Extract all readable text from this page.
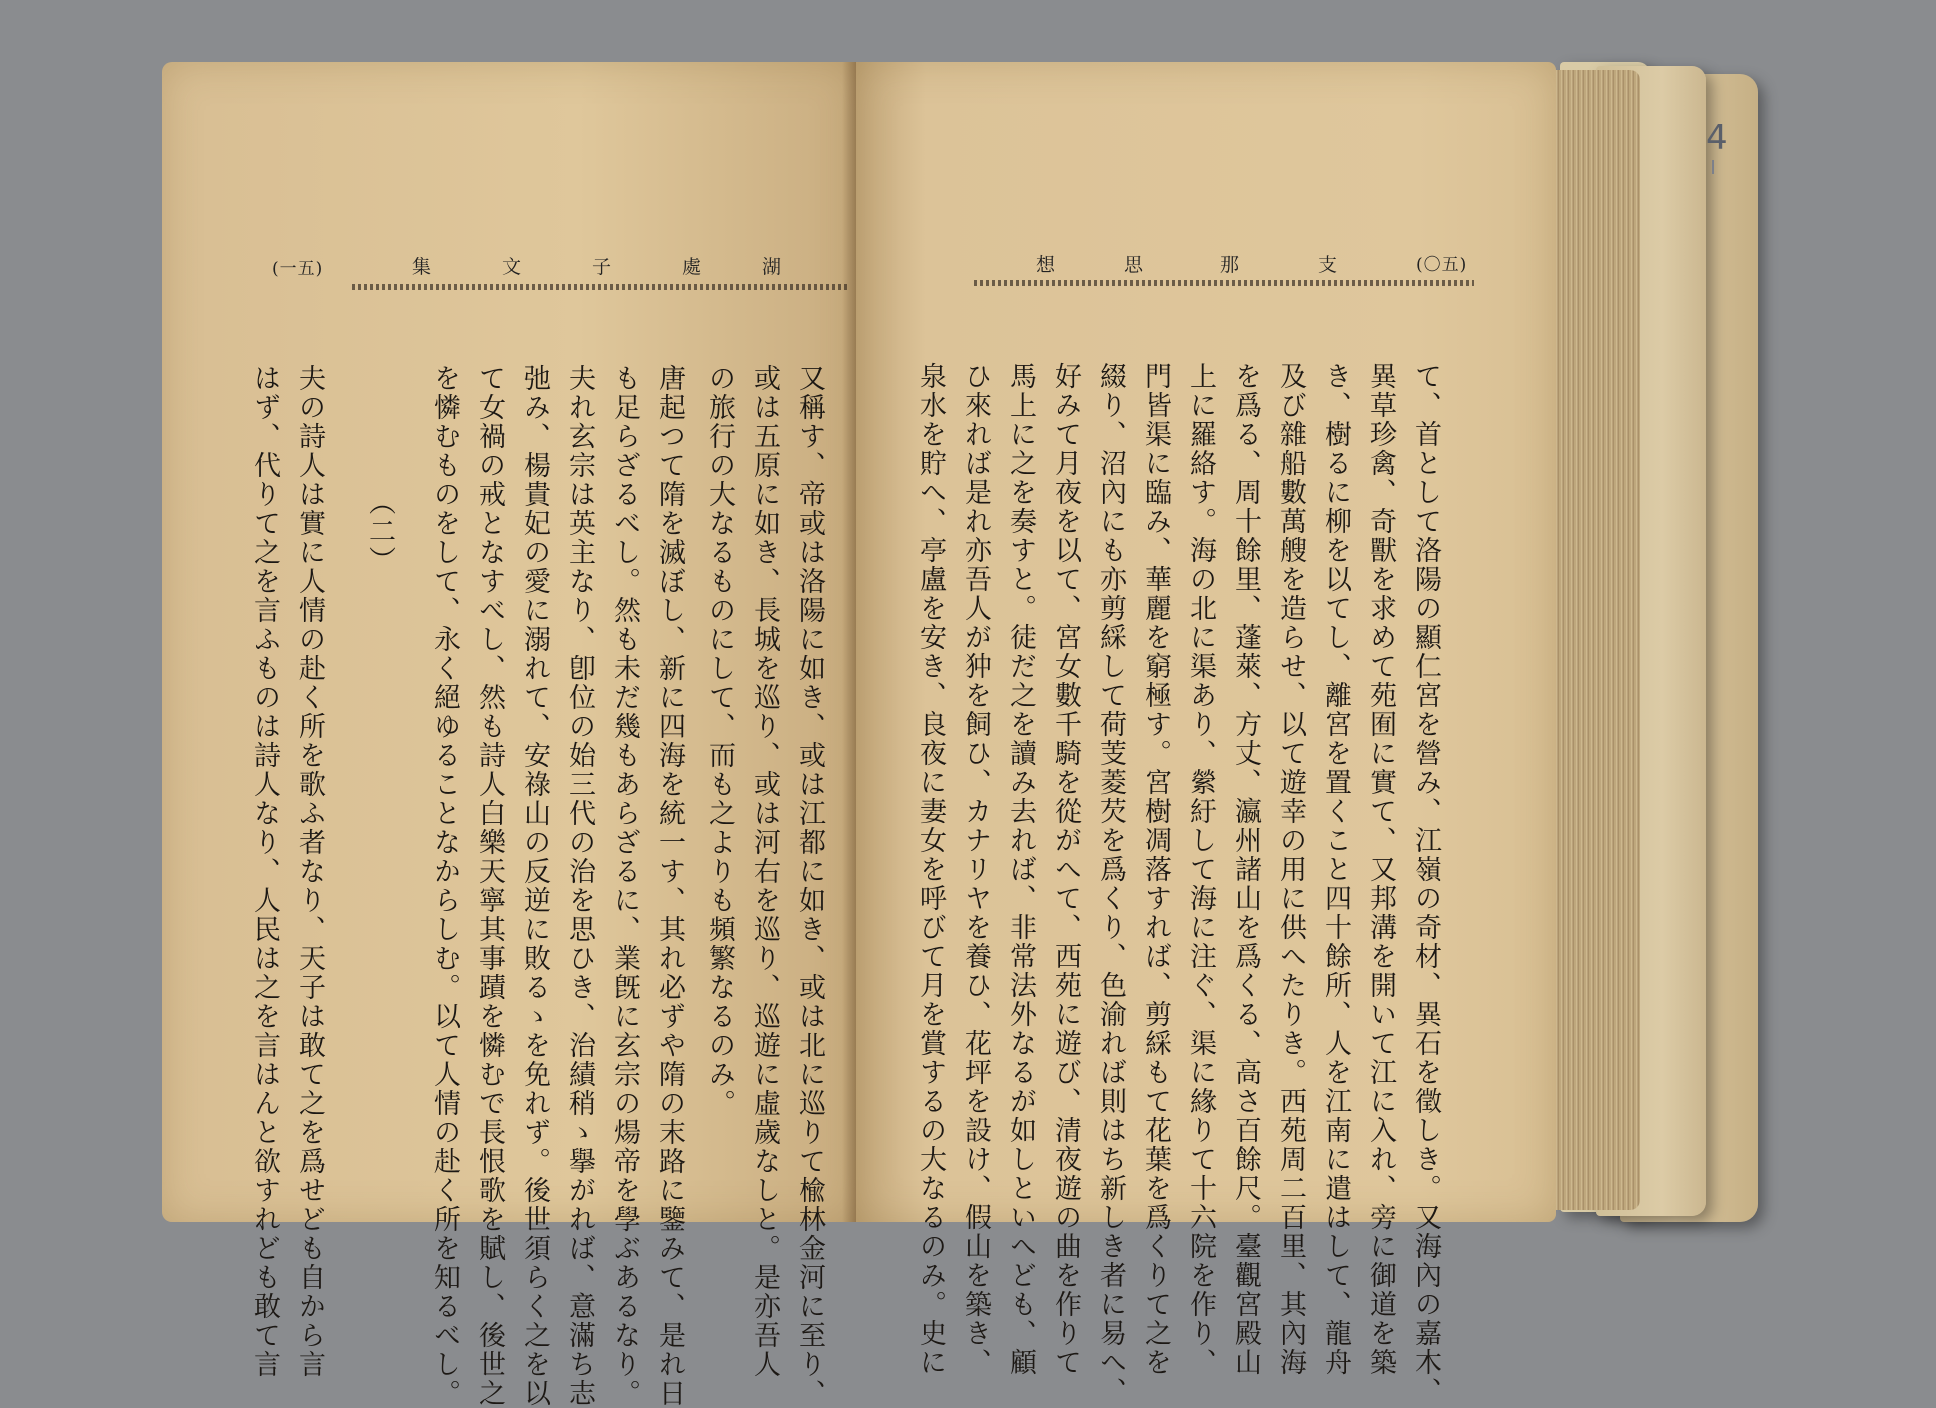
(一五)	集	文	子	處	湖
又稱す、帝或は洛陽に如き、或は江都に如き、或は北に巡りて楡林金河に至り、
或は五原に如き、長城を巡り、或は河右を巡り、巡遊に虛歲なしと。是亦吾人
の旅行の大なるものにして、而も之よりも頻繁なるのみ。
唐起つて隋を滅ぼし、新に四海を統一す、其れ必ずや隋の末路に鑒みて、是れ日
も足らざるべし。然も未だ幾もあらざるに、業旣に玄宗の煬帝を學ぶあるなり。
夫れ玄宗は英主なり、卽位の始三代の治を思ひき、治績稍ゝ擧がれば、意滿ち志
弛み、楊貴妃の愛に溺れて、安祿山の反逆に敗るゝを免れず。後世須らく之を以
て女禍の戒となすべし、然も詩人白樂天寧其事蹟を憐むで長恨歌を賦し、後世之
を憐むものをして、永く絕ゆることなからしむ。以て人情の赴く所を知るべし。
（二）
夫の詩人は實に人情の赴く所を歌ふ者なり、天子は敢て之を爲せども自から言
はず、代りて之を言ふものは詩人なり、人民は之を言はんと欲すれども敢て言
想	思	那	支	(〇五)
て、首として洛陽の顯仁宮を營み、江嶺の奇材、異石を徵しき。又海內の嘉木、
異草珍禽、奇獸を求めて苑囿に實て、又邦溝を開いて江に入れ、旁に御道を築
き、樹るに柳を以てし、離宮を置くこと四十餘所、人を江南に遣はして、龍舟
及び雜船數萬艘を造らせ、以て遊幸の用に供へたりき。西苑周二百里、其內海
を爲る、周十餘里、蓬萊、方丈、瀛州諸山を爲くる、高さ百餘尺。臺觀宮殿山
上に羅絡す。海の北に渠あり、縈紆して海に注ぐ、渠に緣りて十六院を作り、
門皆渠に臨み、華麗を窮極す。宮樹凋落すれば、剪綵もて花葉を爲くりて之を
綴り、沼內にも亦剪綵して荷芰菱芡を爲くり、色渝れば則はち新しき者に易へ、
好みて月夜を以て、宮女數千騎を從がへて、西苑に遊び、清夜遊の曲を作りて
馬上に之を奏すと。徒だ之を讀み去れば、非常法外なるが如しといへども、顧
ひ來れば是れ亦吾人が狆を飼ひ、カナリヤを養ひ、花坪を設け、假山を築き、
泉水を貯へ、亭盧を安き、良夜に妻女を呼びて月を賞するの大なるのみ。史に
4
